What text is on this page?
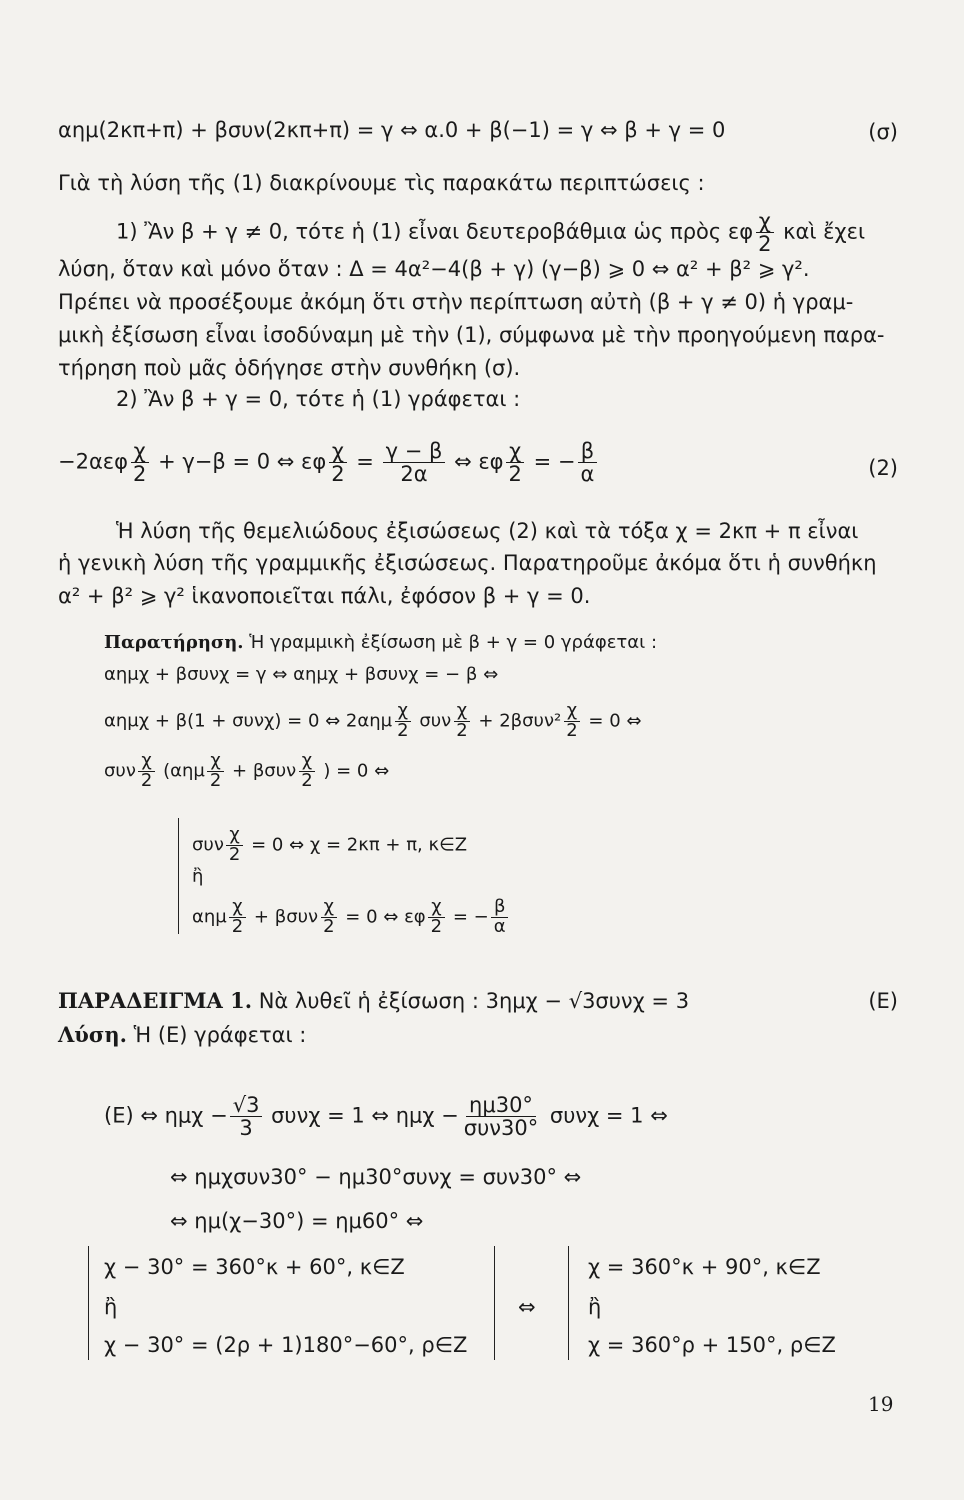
αημ(2κπ+π) + βσυν(2κπ+π) = γ ⇔ α.0 + β(−1) = γ ⇔ β + γ = 0	(σ)
Γιὰ τὴ λύση τῆς (1) διακρίνουμε τὶς παρακάτω περιπτώσεις :
1) Ἂν β + γ ≠ 0, τότε ἡ (1) εἶναι δευτεροβάθμια ὡς πρὸς εφ $\frac{\chi}{2}$ καὶ ἔχει
λύση, ὅταν καὶ μόνο ὅταν : Δ = 4α²−4(β + γ) (γ−β) ⩾ 0 ⇔ α² + β² ⩾ γ².
Πρέπει νὰ προσέξουμε ἀκόμη ὅτι στὴν περίπτωση αὐτὴ (β + γ ≠ 0) ἡ γραμ-
μικὴ ἐξίσωση εἶναι ἰσοδύναμη μὲ τὴν (1), σύμφωνα μὲ τὴν προηγούμενη παρα-
τήρηση ποὺ μᾶς ὁδήγησε στὴν συνθήκη (σ).
2) Ἂν β + γ = 0, τότε ἡ (1) γράφεται :
$-2\alpha\varepsilon\varphi \frac{\chi}{2} + \gamma-\beta = 0$ ⇔ εφ $\frac{\chi}{2} = \frac{\gamma - \beta}{2\alpha}$ ⇔ εφ $\frac{\chi}{2}$ = − $\frac{\beta}{\alpha}$	(2)
Ἡ λύση τῆς θεμελιώδους ἐξισώσεως (2) καὶ τὰ τόξα χ = 2κπ + π εἶναι
ἡ γενικὴ λύση τῆς γραμμικῆς ἐξισώσεως. Παρατηροῦμε ἀκόμα ὅτι ἡ συνθήκη
α² + β² ⩾ γ² ἱκανοποιεῖται πάλι, ἐφόσον β + γ = 0.
Παρατήρηση. Ἡ γραμμικὴ ἐξίσωση μὲ β + γ = 0 γράφεται :
αημχ + βσυνχ = γ ⇔ αημχ + βσυνχ = − β ⇔
αημχ + β(1 + συνχ) = 0 ⇔ $2\alpha\eta\mu \frac{\chi}{2}$ συν $\frac{\chi}{2} + 2\beta\sigma\upsilon\nu^2 \frac{\chi}{2} = 0$ ⇔
συν $\frac{\chi}{2} (\alpha\eta\mu \frac{\chi}{2} + \beta\sigma\upsilon\nu \frac{\chi}{2}$ ) = 0 ⇔
συν $\frac{\chi}{2} = 0$ ⇔ χ = 2κπ + π, κ∈Z
ἢ
αημ $\frac{\chi}{2} + \beta\sigma\upsilon\nu \frac{\chi}{2} = 0$ ⇔ εφ $\frac{\chi}{2}$ = − $\frac{\beta}{\alpha}$
ΠΑΡΑΔΕΙΓΜΑ 1. Νὰ λυθεῖ ἡ ἐξίσωση : 3ημχ − √3συνχ = 3	(E)
Λύση. Ἡ (Ε) γράφεται :
(Ε) ⇔ $\eta\mu\chi - \frac{√3}{3}$ συνχ = 1 ⇔ $\eta\mu\chi - \frac{\eta\mu 30^\circ}{\text{συν30°}}$ συνχ = 1 ⇔
⇔ ημχσυν30° − ημ30°συνχ = συν30° ⇔
⇔ ημ(χ−30°) = ημ60° ⇔
χ − 30° = 360°κ + 60°, κ∈Z
ἢ
χ − 30° = (2ρ + 1)180°−60°, ρ∈Z
⇔
χ = 360°κ + 90°, κ∈Z
ἢ
χ = 360°ρ + 150°, ρ∈Z
19
